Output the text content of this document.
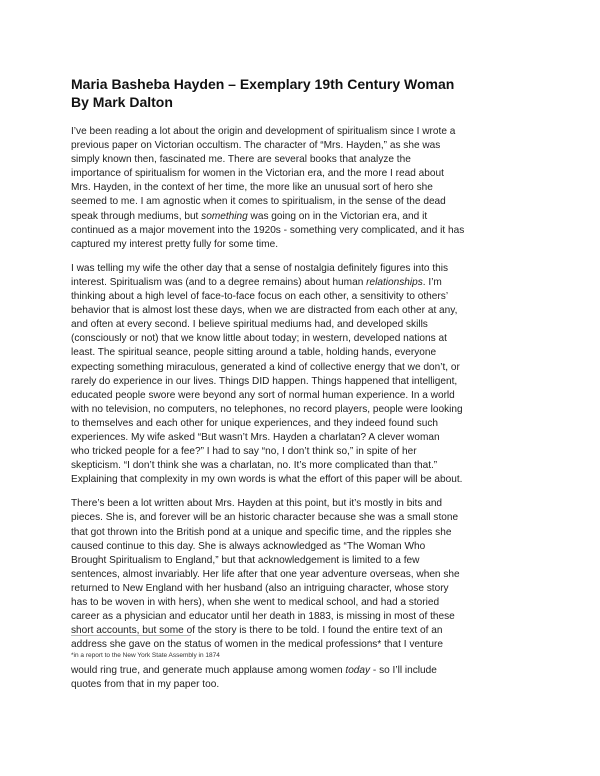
Maria Basheba Hayden – Exemplary 19th Century Woman
By Mark Dalton

I’ve been reading a lot about the origin and development of spiritualism since I wrote a
previous paper on Victorian occultism. The character of “Mrs. Hayden,” as she was
simply known then, fascinated me. There are several books that analyze the
importance of spiritualism for women in the Victorian era, and the more I read about
Mrs. Hayden, in the context of her time, the more like an unusual sort of hero she
seemed to me. I am agnostic when it comes to spiritualism, in the sense of the dead
speak through mediums, but something was going on in the Victorian era, and it
continued as a major movement into the 1920s - something very complicated, and it has
captured my interest pretty fully for some time.

I was telling my wife the other day that a sense of nostalgia definitely figures into this
interest. Spiritualism was (and to a degree remains) about human relationships. I’m
thinking about a high level of face-to-face focus on each other, a sensitivity to others’
behavior that is almost lost these days, when we are distracted from each other at any,
and often at every second. I believe spiritual mediums had, and developed skills
(consciously or not) that we know little about today; in western, developed nations at
least. The spiritual seance, people sitting around a table, holding hands, everyone
expecting something miraculous, generated a kind of collective energy that we don’t, or
rarely do experience in our lives. Things DID happen. Things happened that intelligent,
educated people swore were beyond any sort of normal human experience. In a world
with no television, no computers, no telephones, no record players, people were looking
to themselves and each other for unique experiences, and they indeed found such
experiences. My wife asked “But wasn’t Mrs. Hayden a charlatan? A clever woman
who tricked people for a fee?” I had to say “no, I don’t think so,” in spite of her
skepticism. “I don’t think she was a charlatan, no. It’s more complicated than that.”
Explaining that complexity in my own words is what the effort of this paper will be about.

There’s been a lot written about Mrs. Hayden at this point, but it’s mostly in bits and
pieces. She is, and forever will be an historic character because she was a small stone
that got thrown into the British pond at a unique and specific time, and the ripples she
caused continue to this day. She is always acknowledged as “The Woman Who
Brought Spiritualism to England,” but that acknowledgement is limited to a few
sentences, almost invariably. Her life after that one year adventure overseas, when she
returned to New England with her husband (also an intriguing character, whose story
has to be woven in with hers), when she went to medical school, and had a storied
career as a physician and educator until her death in 1883, is missing in most of these
short accounts, but some of the story is there to be told. I found the entire text of an
address she gave on the status of women in the medical professions* that I venture

*in a report to the New York State Assembly in 1874
would ring true, and generate much applause among women today - so I’ll include
quotes from that in my paper too.
